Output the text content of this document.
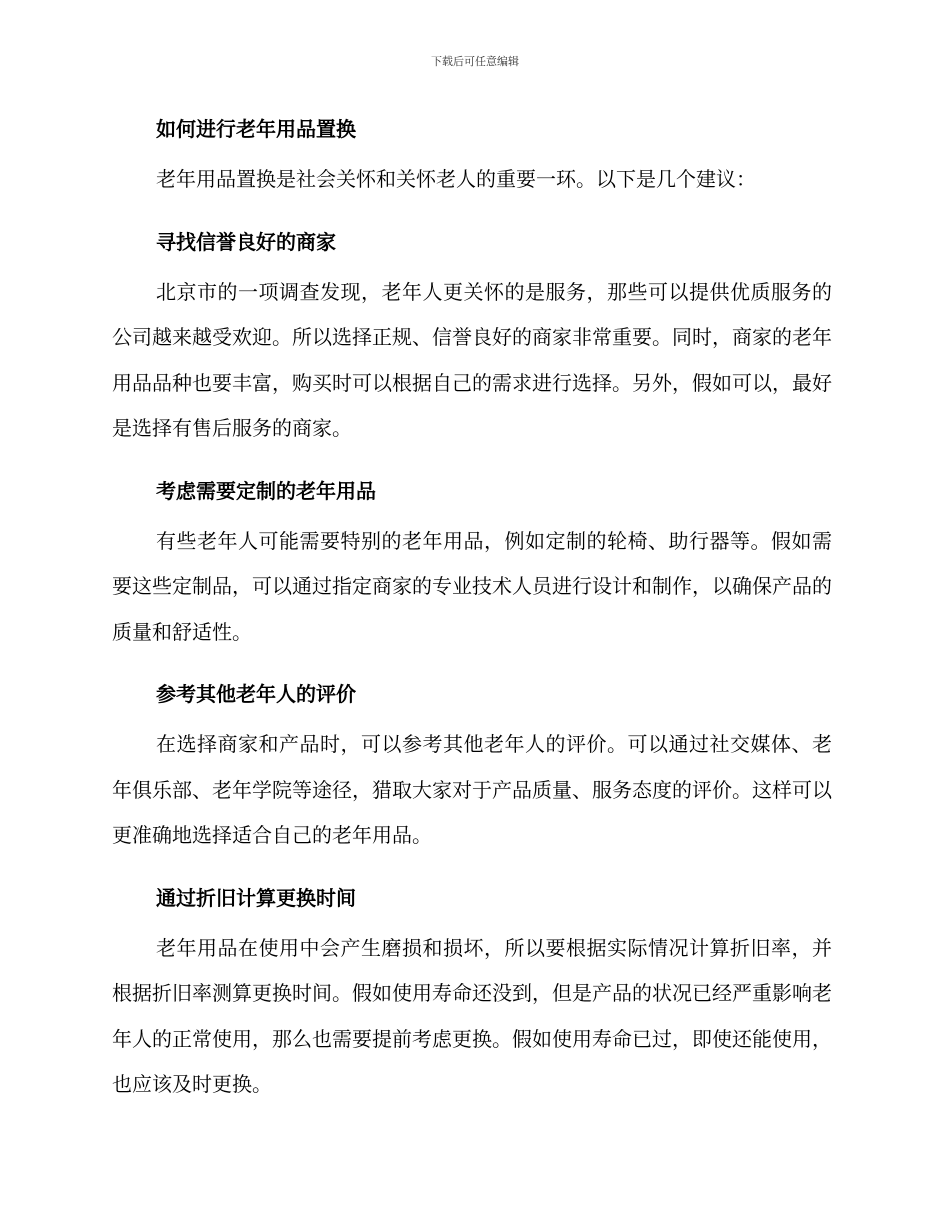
下载后可任意编辑
如何进行老年用品置换

老年用品置换是社会关怀和关怀老人的重要一环。以下是几个建议：

寻找信誉良好的商家

北京市的一项调查发现，老年人更关怀的是服务，那些可以提供优质服务的公司越来越受欢迎。所以选择正规、信誉良好的商家非常重要。同时，商家的老年用品品种也要丰富，购买时可以根据自己的需求进行选择。另外，假如可以，最好是选择有售后服务的商家。

考虑需要定制的老年用品

有些老年人可能需要特别的老年用品，例如定制的轮椅、助行器等。假如需要这些定制品，可以通过指定商家的专业技术人员进行设计和制作，以确保产品的质量和舒适性。

参考其他老年人的评价

在选择商家和产品时，可以参考其他老年人的评价。可以通过社交媒体、老年俱乐部、老年学院等途径，猎取大家对于产品质量、服务态度的评价。这样可以更准确地选择适合自己的老年用品。

通过折旧计算更换时间

老年用品在使用中会产生磨损和损坏，所以要根据实际情况计算折旧率，并根据折旧率测算更换时间。假如使用寿命还没到，但是产品的状况已经严重影响老年人的正常使用，那么也需要提前考虑更换。假如使用寿命已过，即使还能使用，也应该及时更换。
